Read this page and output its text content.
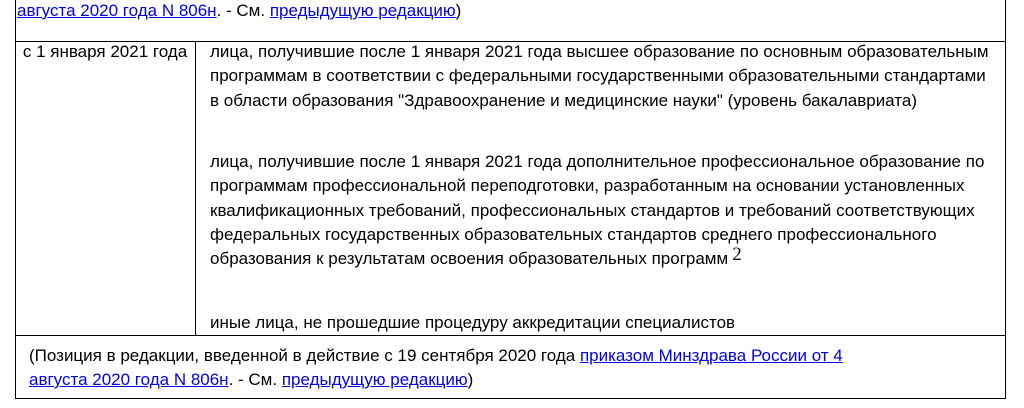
августа 2020 года N 806н. - См. предыдущую редакцию)
с 1 января 2021 года	лица, получившие после 1 января 2021 года высшее образование по основным образовательным программам в соответствии с федеральными государственными образовательными стандартами в области образования "Здравоохранение и медицинские науки" (уровень бакалавриата)
лица, получившие после 1 января 2021 года дополнительное профессиональное образование по программам профессиональной переподготовки, разработанным на основании установленных квалификационных требований, профессиональных стандартов и требований соответствующих федеральных государственных образовательных стандартов среднего профессионального образования к результатам освоения образовательных программ 2
иные лица, не прошедшие процедуру аккредитации специалистов
(Позиция в редакции, введенной в действие с 19 сентября 2020 года приказом Минздрава России от 4
августа 2020 года N 806н. - См. предыдущую редакцию)
